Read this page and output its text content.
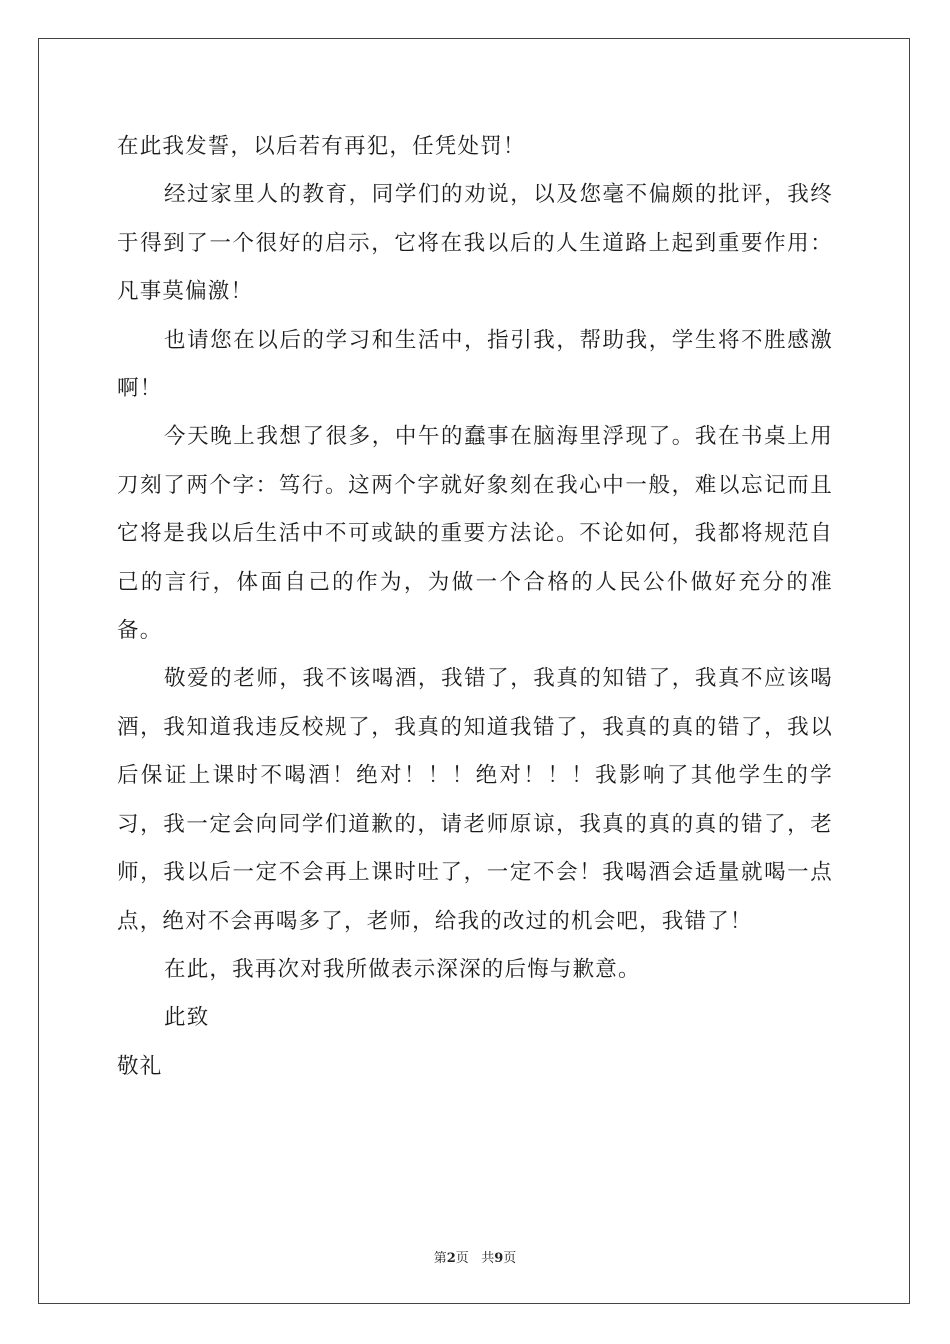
在此我发誓，以后若有再犯，任凭处罚！

经过家里人的教育，同学们的劝说，以及您毫不偏颇的批评，我终于得到了一个很好的启示，它将在我以后的人生道路上起到重要作用：凡事莫偏激！

也请您在以后的学习和生活中，指引我，帮助我，学生将不胜感激啊！

今天晚上我想了很多，中午的蠢事在脑海里浮现了。我在书桌上用刀刻了两个字：笃行。这两个字就好象刻在我心中一般，难以忘记而且它将是我以后生活中不可或缺的重要方法论。不论如何，我都将规范自己的言行，体面自己的作为，为做一个合格的人民公仆做好充分的准备。

敬爱的老师，我不该喝酒，我错了，我真的知错了，我真不应该喝酒，我知道我违反校规了，我真的知道我错了，我真的真的错了，我以后保证上课时不喝酒！绝对！！！绝对！！！我影响了其他学生的学习，我一定会向同学们道歉的，请老师原谅，我真的真的真的错了，老师，我以后一定不会再上课时吐了，一定不会！我喝酒会适量就喝一点点，绝对不会再喝多了，老师，给我的改过的机会吧，我错了！

在此，我再次对我所做表示深深的后悔与歉意。

此致

敬礼

第2页 共9页
